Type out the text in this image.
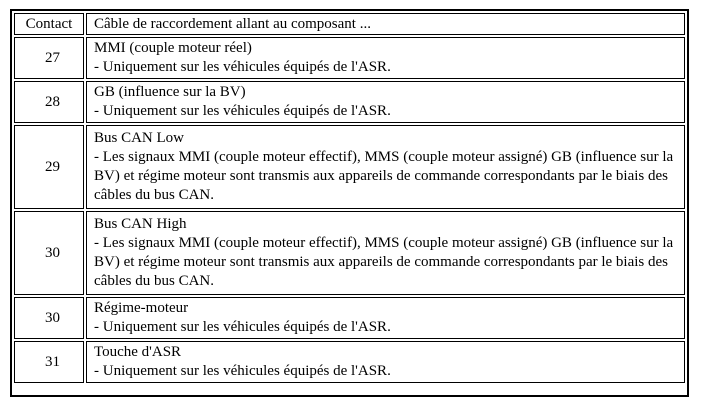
Contact	Câble de raccordement allant au composant ...
27	MMI (couple moteur réel)
- Uniquement sur les véhicules équipés de l'ASR.

28	GB (influence sur la BV)
- Uniquement sur les véhicules équipés de l'ASR.

29	Bus CAN Low
- Les signaux MMI (couple moteur effectif), MMS (couple moteur assigné) GB (influence sur la BV) et régime moteur sont transmis aux appareils de commande correspondants par le biais des câbles du bus CAN.

30	Bus CAN High
- Les signaux MMI (couple moteur effectif), MMS (couple moteur assigné) GB (influence sur la BV) et régime moteur sont transmis aux appareils de commande correspondants par le biais des câbles du bus CAN.

30	Régime-moteur
- Uniquement sur les véhicules équipés de l'ASR.

31	Touche d'ASR
- Uniquement sur les véhicules équipés de l'ASR.
